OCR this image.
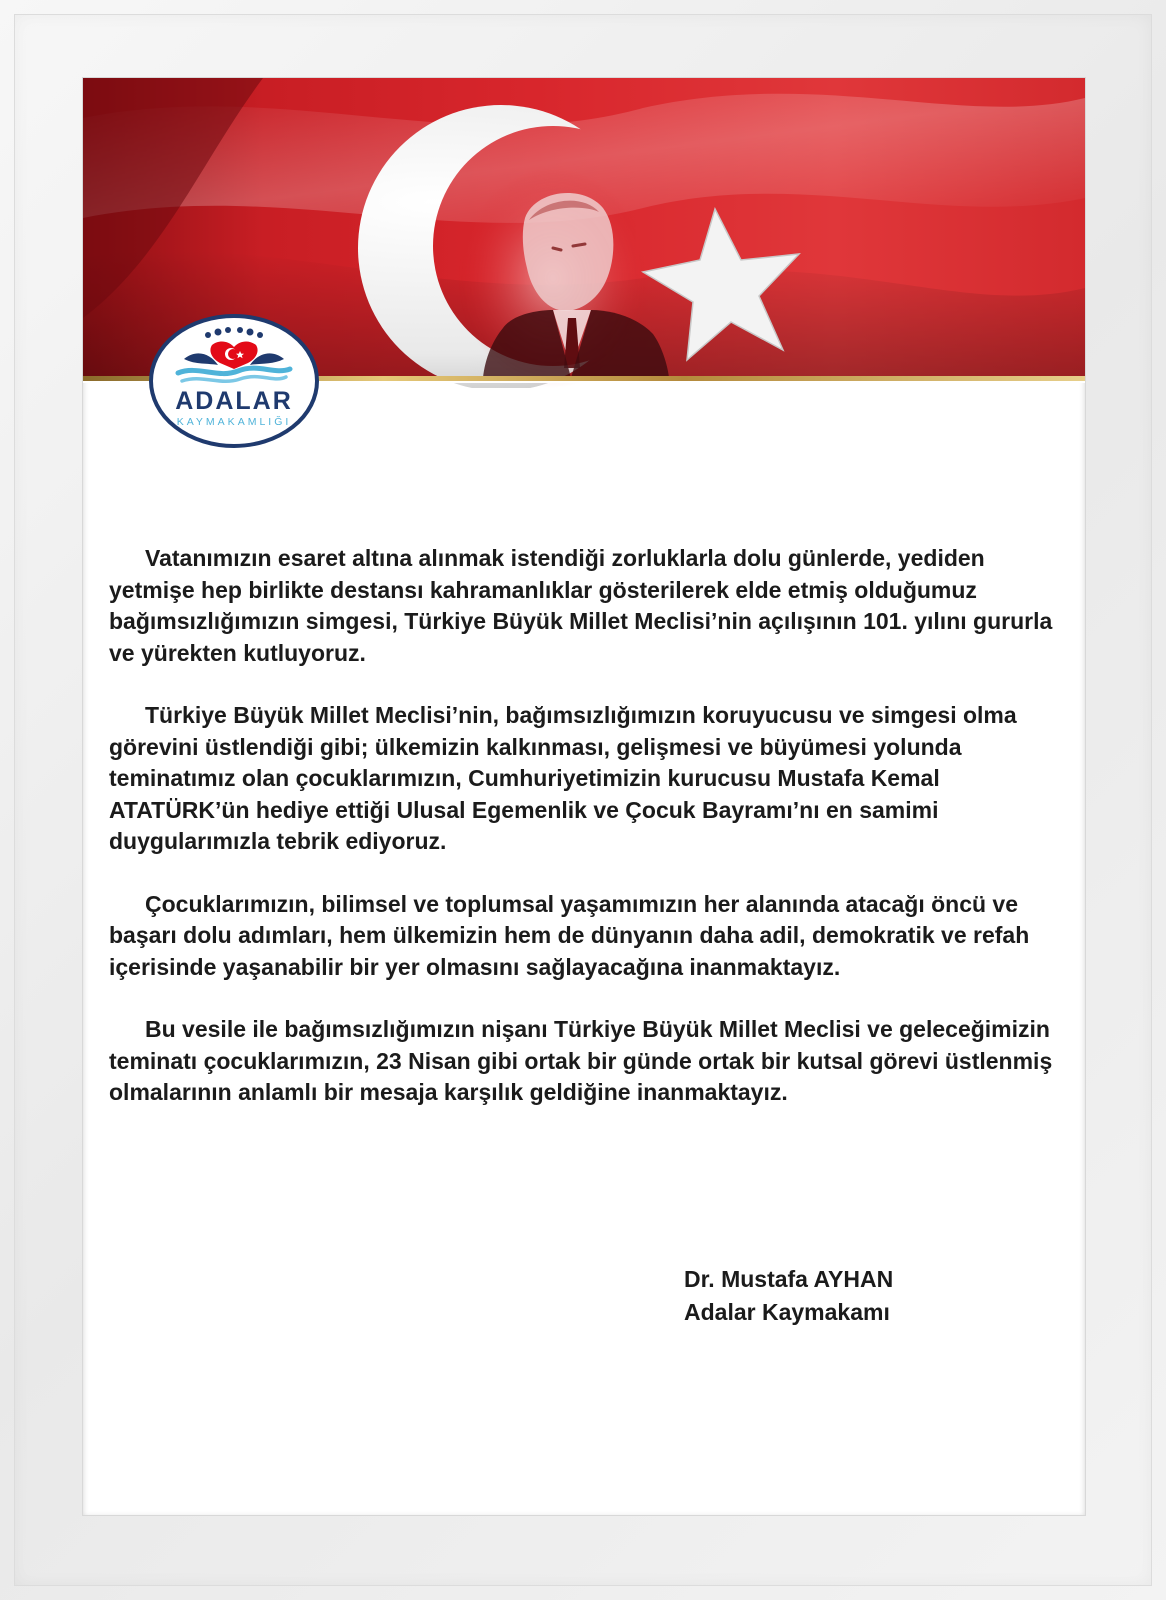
ADALAR
KAYMAKAMLIĞI

Vatanımızın esaret altına alınmak istendiği zorluklarla dolu günlerde, yediden yetmişe hep birlikte destansı kahramanlıklar gösterilerek elde etmiş olduğumuz bağımsızlığımızın simgesi, Türkiye Büyük Millet Meclisi’nin açılışının 101. yılını gururla ve yürekten kutluyoruz.

Türkiye Büyük Millet Meclisi’nin, bağımsızlığımızın koruyucusu ve simgesi olma görevini üstlendiği gibi; ülkemizin kalkınması, gelişmesi ve büyümesi yolunda teminatımız olan çocuklarımızın, Cumhuriyetimizin kurucusu Mustafa Kemal ATATÜRK’ün hediye ettiği Ulusal Egemenlik ve Çocuk Bayramı’nı en samimi duygularımızla tebrik ediyoruz.

Çocuklarımızın, bilimsel ve toplumsal yaşamımızın her alanında atacağı öncü ve başarı dolu adımları, hem ülkemizin hem de dünyanın daha adil, demokratik ve refah içerisinde yaşanabilir bir yer olmasını sağlayacağına inanmaktayız.

Bu vesile ile bağımsızlığımızın nişanı Türkiye Büyük Millet Meclisi ve geleceğimizin teminatı çocuklarımızın, 23 Nisan gibi ortak bir günde ortak bir kutsal görevi üstlenmiş olmalarının anlamlı bir mesaja karşılık geldiğine inanmaktayız.

Dr. Mustafa AYHAN
Adalar Kaymakamı
